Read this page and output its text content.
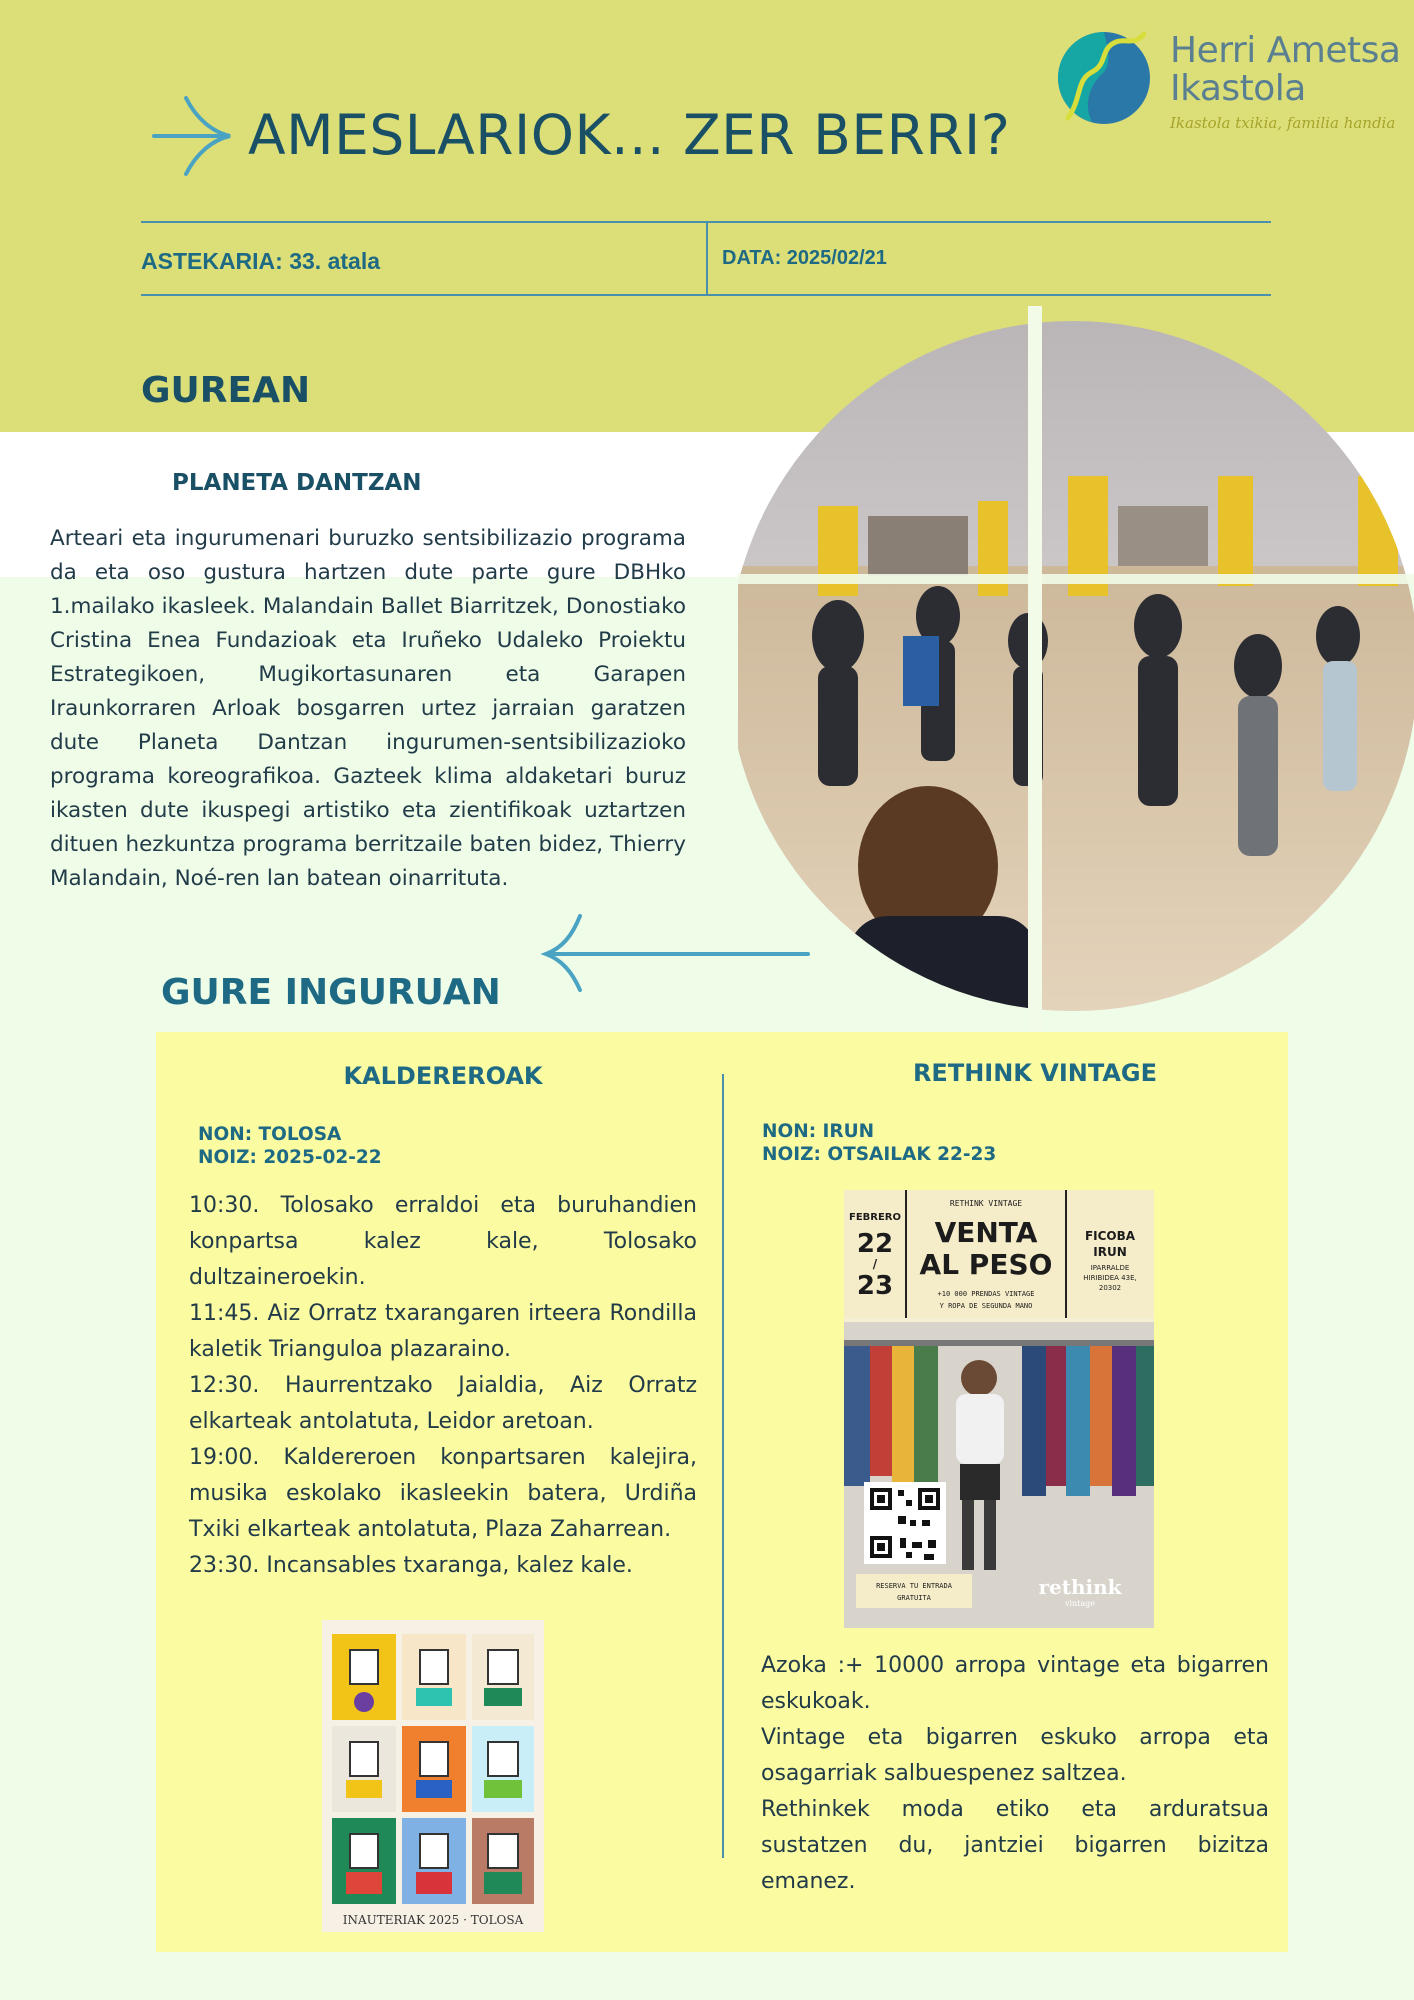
Herri Ametsa
Ikastola
Ikastola txikia, familia handia
AMESLARIOK... ZER BERRI?
ASTEKARIA: 33. atala	DATA: 2025/02/21
GUREAN
PLANETA DANTZAN

Arteari eta ingurumenari buruzko sentsibilizazio programa da eta oso gustura hartzen dute parte gure DBHko 1.mailako ikasleek. Malandain Ballet Biarritzek, Donostiako Cristina Enea Fundazioak eta Iruñeko Udaleko Proiektu Estrategikoen, Mugikortasunaren eta Garapen Iraunkorraren Arloak bosgarren urtez jarraian garatzen dute Planeta Dantzan ingurumen-sentsibilizazioko programa koreografikoa. Gazteek klima aldaketari buruz ikasten dute ikuspegi artistiko eta zientifikoak uztartzen dituen hezkuntza programa berritzaile baten bidez, Thierry Malandain, Noé-ren lan batean oinarrituta.

GURE INGURUAN
KALDEREROAK
NON: TOLOSA
NOIZ: 2025-02-22

10:30. Tolosako erraldoi eta buruhandien konpartsa kalez kale, Tolosako dultzaineroekin.

11:45. Aiz Orratz txarangaren irteera Rondilla kaletik Trianguloa plazaraino.

12:30. Haurrentzako Jaialdia, Aiz Orratz elkarteak antolatuta, Leidor aretoan.

19:00. Kaldereroen konpartsaren kalejira, musika eskolako ikasleekin batera, Urdiña Txiki elkarteak antolatuta, Plaza Zaharrean.

23:30. Incansables txaranga, kalez kale.

INAUTERIAK 2025 · TOLOSA
RETHINK VINTAGE
NON: IRUN
NOIZ: OTSAILAK 22-23
FEBRERO
22
/
23
RETHINK VINTAGE
VENTA
AL PESO
+10 000 PRENDAS VINTAGE
Y ROPA DE SEGUNDA MANO
FICOBA
IRUN
IPARRALDE
HIRIBIDEA 43E,
20302
RESERVA TU ENTRADA
GRATUITA	rethink
vintage

Azoka :+ 10000 arropa vintage eta bigarren eskukoak.

Vintage eta bigarren eskuko arropa eta osagarriak salbuespenez saltzea.

Rethinkek moda etiko eta arduratsua sustatzen du, jantziei bigarren bizitza emanez.
